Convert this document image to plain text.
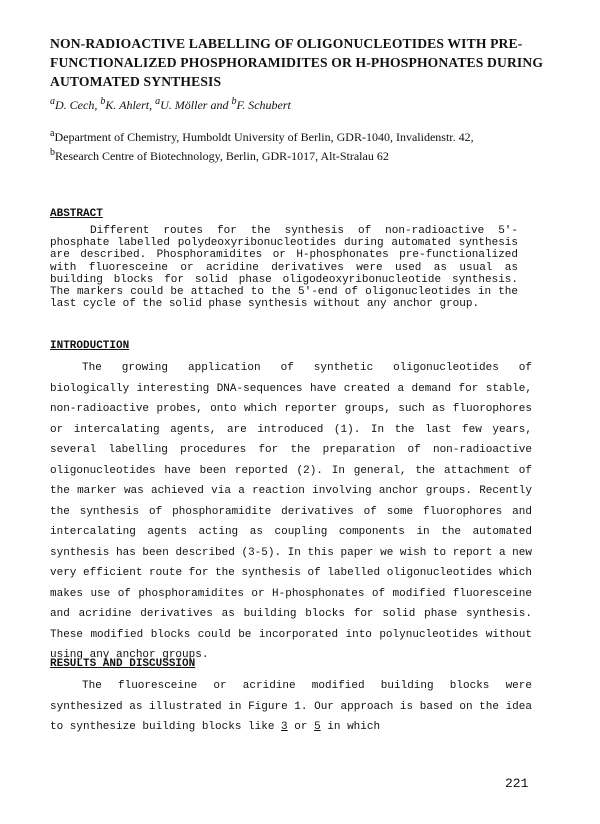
NON-RADIOACTIVE LABELLING OF OLIGONUCLEOTIDES WITH PRE-FUNCTIONALIZED PHOSPHORAMIDITES OR H-PHOSPHONATES DURING AUTOMATED SYNTHESIS

$^a$D. Cech, $^b$K. Ahlert, $^a$U. Möller and $^b$F. Schubert

$^a$Department of Chemistry, Humboldt University of Berlin, GDR-1040, Invalidenstr. 42,
$^b$Research Centre of Biotechnology, Berlin, GDR-1017, Alt-Stralau 62
ABSTRACT

Different routes for the synthesis of non-radioactive 5'-phosphate labelled polydeoxyribonucleotides during automated synthesis are described. Phosphoramidites or H-phosphonates pre-functionalized with fluoresceine or acridine derivatives were used as usual as building blocks for solid phase oligodeoxyribonucleotide synthesis. The markers could be attached to the 5'-end of oligonucleotides in the last cycle of the solid phase synthesis without any anchor group.

INTRODUCTION

The growing application of synthetic oligonucleotides of biologically interesting DNA-sequences have created a demand for stable, non-radioactive probes, onto which reporter groups, such as fluorophores or intercalating agents, are introduced (1). In the last few years, several labelling procedures for the preparation of non-radioactive oligonucleotides have been reported (2). In general, the attachment of the marker was achieved via a reaction involving anchor groups. Recently the synthesis of phosphoramidite derivatives of some fluorophores and intercalating agents acting as coupling components in the automated synthesis has been described (3-5). In this paper we wish to report a new very efficient route for the synthesis of labelled oligonucleotides which makes use of phosphoramidites or H-phosphonates of modified fluoresceine and acridine derivatives as building blocks for solid phase synthesis. These modified blocks could be incorporated into polynucleotides without using any anchor groups.

RESULTS AND DISCUSSION

The fluoresceine or acridine modified building blocks were synthesized as illustrated in Figure 1. Our approach is based on the idea to synthesize building blocks like 3 or 5 in which

221
